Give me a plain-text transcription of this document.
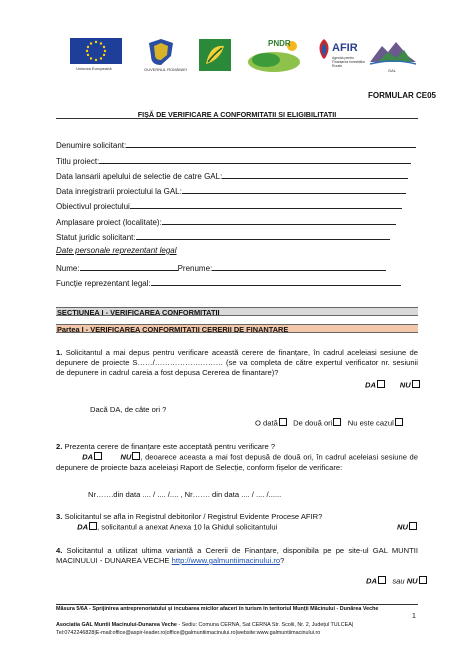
Uniunea Europeană	GUVERNUL ROMÂNIEI
PNDR	AFIR
Agenția pentru Finanțarea Investițiilor Rurale
GAL
FORMULAR CE05
FIŞĂ DE VERIFICARE A CONFORMITATII SI ELIGIBILITATII
Denumire solicitant:
Titlu proiect:
Data lansarii apelului de selectie de catre GAL:
Data inregistrarii proiectului la GAL:
Obiectivul proiectului
Amplasare proiect (localitate):
Statut juridic solicitant:
Date personale reprezentant legal
Nume:	Prenume:
Funcție reprezentant legal:
SECTIUNEA I - VERIFICAREA CONFORMITATII
Partea I - VERIFICAREA CONFORMITATII CERERII DE FINANTARE
1. Solicitantul a mai depus pentru verificare această cerere de finanțare, în cadrul aceleiasi sesiune de depunere de proiecte S……/……………………… (se va completa de către expertul verificator nr. sesiunii de depunere in cadrul careia a fost depusa Cererea de finantare)?
DA	NU
Dacă DA, de câte ori ?
O dată De două ori Nu este cazul
2. Prezenta cerere de finanțare este acceptată pentru verificare ?
DA	NU , deoarece aceasta a mai fost depusă de două ori, în cadrul aceleiasi sesiune de depunere de proiecte baza aceleiași Raport de Selecție, conform fișelor de verificare:
Nr…….din data .... / .... /.... , Nr……. din data .... / .... /......
3. Solicitantul se afla in Registrul debitorilor / Registrul Evidente Procese AFIR?
DA , solicitantul a anexat Anexa 10 la Ghidul solicitantului	NU
4. Solicitantul a utilizat ultima variantă a Cererii de Finanțare, disponibila pe pe site-ul GAL MUNTII MACINULUI - DUNAREA VECHE http://www.galmuntiimacinului.ro?
DA sau NU
Măsura 5/6A - Sprijinirea antreprenoriatului și incubarea micilor afaceri în turism în teritoriul Munții Măcinului - Dunărea Veche
1
Asociatia GAL Muntii Macinului-Dunarea Veche - Sediu: Comuna CERNA, Sat CERNA Str. Scolii, Nr. 2, Județul TULCEA|
Tel:0742246828|E-mail:office@aspir-leader.ro|office@galmuntiimacinului.ro|website:www.galmuntiimacinului.ro
